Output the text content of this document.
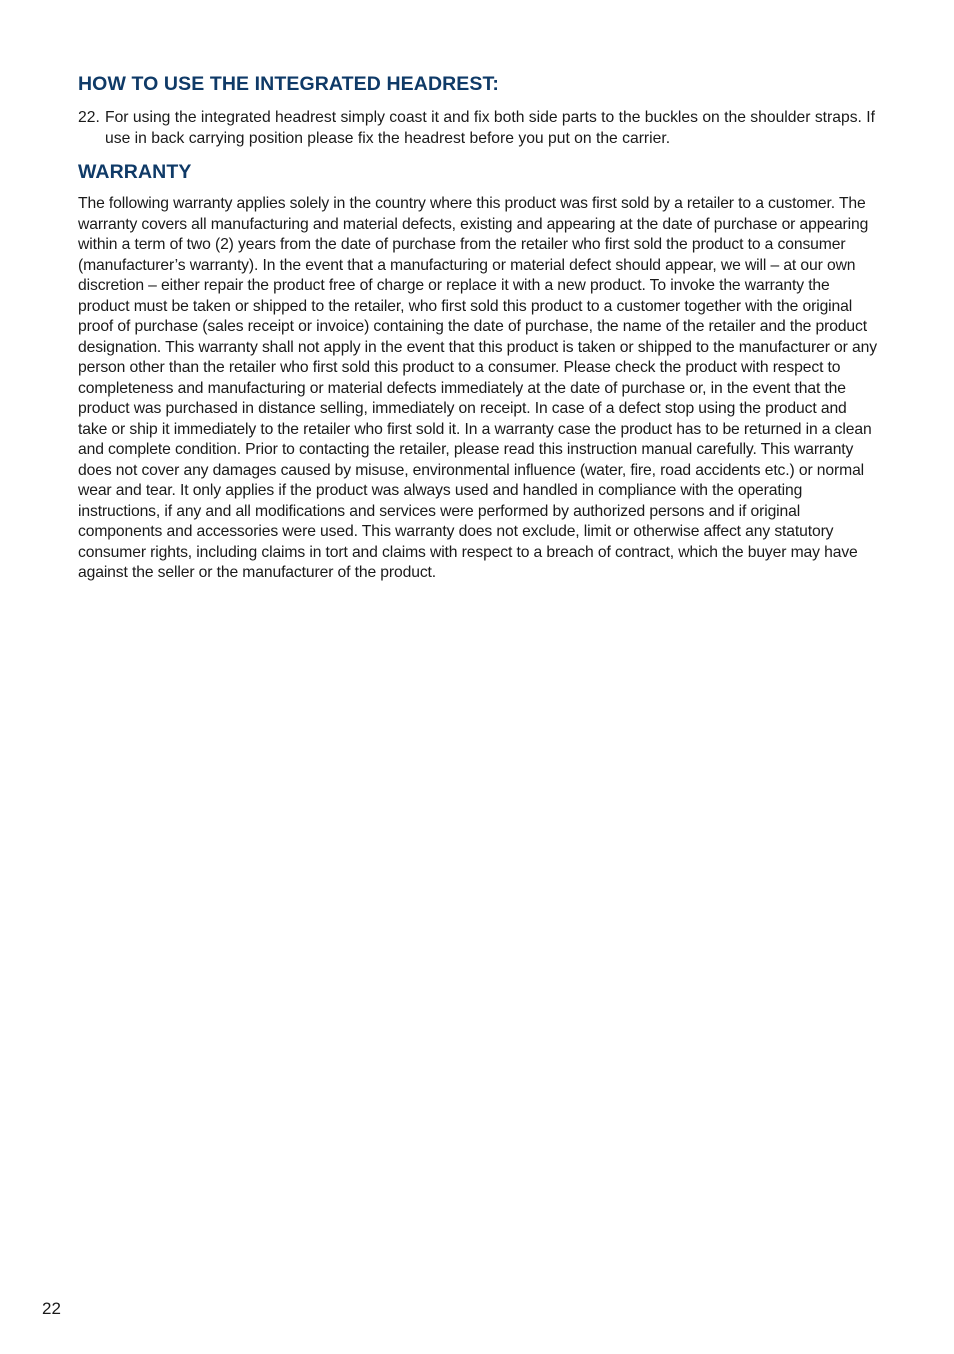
HOW TO USE THE INTEGRATED HEADREST:
22. For using the integrated headrest simply coast it and fix both side parts to the buckles on the shoulder straps. If use in back carrying position please fix the headrest before you put on the carrier.
WARRANTY

The following warranty applies solely in the country where this product was first sold by a retailer to a customer. The warranty covers all manufacturing and material defects, existing and appearing at the date of purchase or appearing within a term of two (2) years from the date of purchase from the retailer who first sold the product to a consumer (manufacturer’s warranty). In the event that a manufacturing or material defect should appear, we will – at our own discretion – either repair the product free of charge or replace it with a new product. To invoke the warranty the product must be taken or shipped to the retailer, who first sold this product to a customer together with the original proof of purchase (sales receipt or invoice) containing the date of purchase, the name of the retailer and the product designation. This warranty shall not apply in the event that this product is taken or shipped to the manufacturer or any person other than the retailer who first sold this product to a consumer. Please check the product with respect to completeness and manufacturing or material defects immediately at the date of purchase or, in the event that the product was purchased in distance selling, immediately on receipt. In case of a defect stop using the product and take or ship it immediately to the retailer who first sold it. In a warranty case the product has to be returned in a clean and complete condition. Prior to contacting the retailer, please read this instruction manual carefully. This warranty does not cover any damages caused by misuse, environmental influence (water, fire, road accidents etc.) or normal wear and tear. It only applies if the product was always used and handled in compliance with the operating instructions, if any and all modifications and services were performed by authorized persons and if original components and accessories were used. This warranty does not exclude, limit or otherwise affect any statutory consumer rights, including claims in tort and claims with respect to a breach of contract, which the buyer may have against the seller or the manufacturer of the product.

22
